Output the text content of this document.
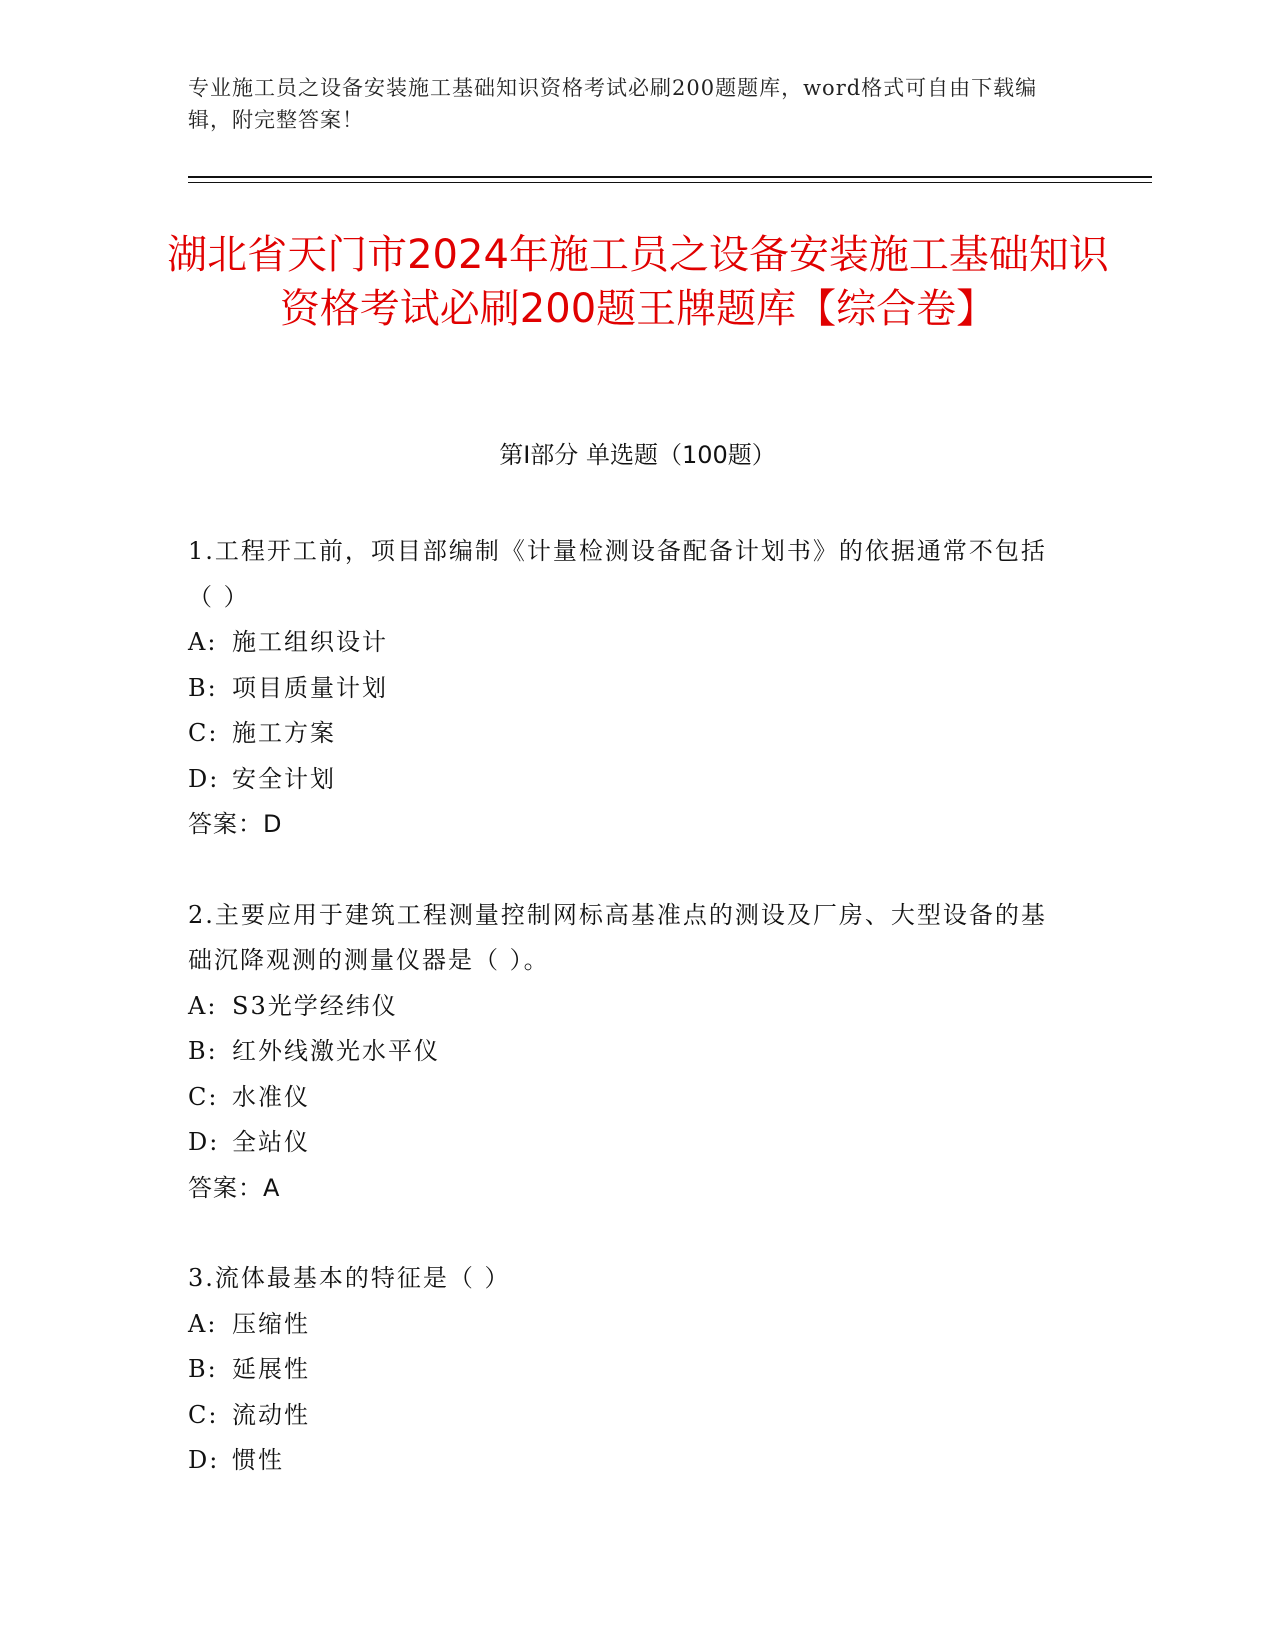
专业施工员之设备安装施工基础知识资格考试必刷200题题库，word格式可自由下载编辑，附完整答案！
湖北省天门市2024年施工员之设备安装施工基础知识资格考试必刷200题王牌题库【综合卷】
第I部分 单选题（100题）

1.工程开工前，项目部编制《计量检测设备配备计划书》的依据通常不包括（ ）

A: 施工组织设计
B: 项目质量计划
C: 施工方案
D: 安全计划
答案：D

2.主要应用于建筑工程测量控制网标高基准点的测设及厂房、大型设备的基础沉降观测的测量仪器是（ ）。

A: S3光学经纬仪
B: 红外线激光水平仪
C: 水准仪
D: 全站仪
答案：A

3.流体最基本的特征是（ ）

A: 压缩性
B: 延展性
C: 流动性
D: 惯性
